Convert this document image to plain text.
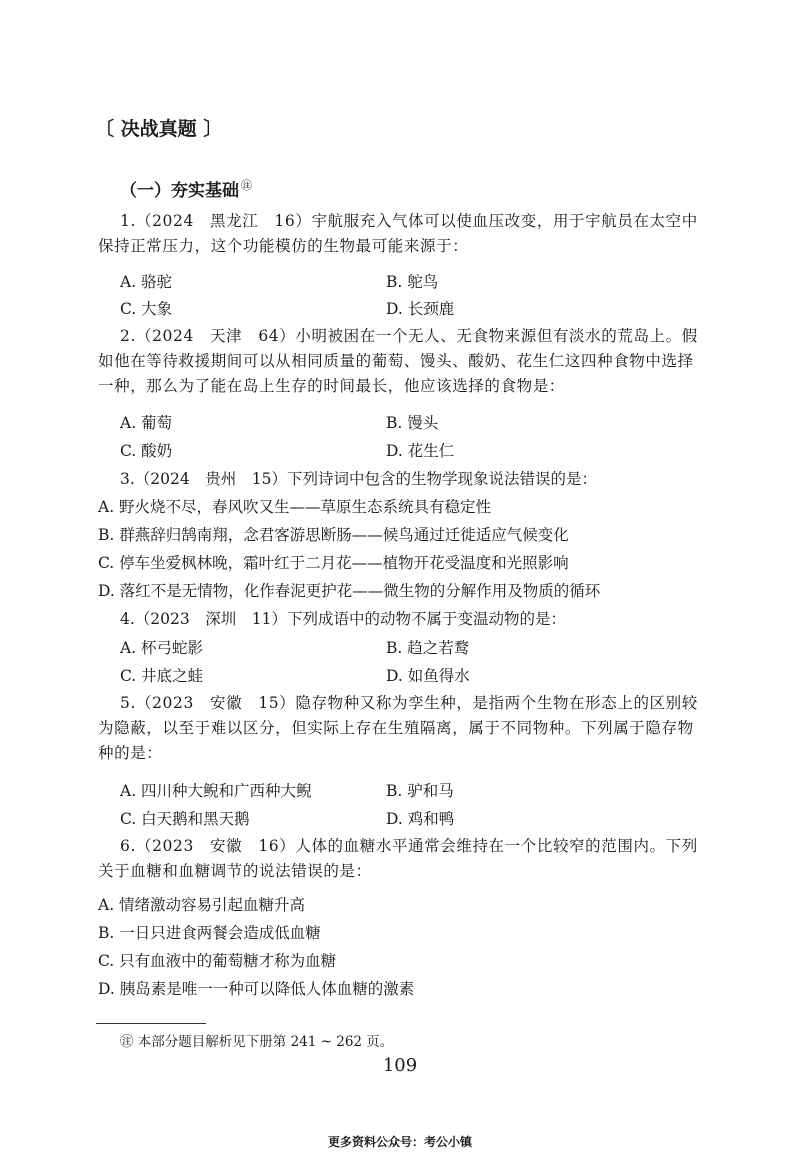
〔 决战真题 〕
（一）夯实基础 ㊟
1.（2024　黑龙江　16）宇航服充入气体可以使血压改变，用于宇航员在太空中保持正常压力，这个功能模仿的生物最可能来源于：
A. 骆驼	B. 鸵鸟
C. 大象	D. 长颈鹿
2.（2024　天津　64）小明被困在一个无人、无食物来源但有淡水的荒岛上。假如他在等待救援期间可以从相同质量的葡萄、馒头、酸奶、花生仁这四种食物中选择一种，那么为了能在岛上生存的时间最长，他应该选择的食物是：
A. 葡萄	B. 馒头
C. 酸奶	D. 花生仁
3.（2024　贵州　15）下列诗词中包含的生物学现象说法错误的是：
A. 野火烧不尽，春风吹又生——草原生态系统具有稳定性
B. 群燕辞归鹄南翔，念君客游思断肠——候鸟通过迁徙适应气候变化
C. 停车坐爱枫林晚，霜叶红于二月花——植物开花受温度和光照影响
D. 落红不是无情物，化作春泥更护花——微生物的分解作用及物质的循环
4.（2023　深圳　11）下列成语中的动物不属于变温动物的是：
A. 杯弓蛇影	B. 趋之若鹜
C. 井底之蛙	D. 如鱼得水
5.（2023　安徽　15）隐存物种又称为孪生种，是指两个生物在形态上的区别较为隐蔽，以至于难以区分，但实际上存在生殖隔离，属于不同物种。下列属于隐存物种的是：
A. 四川种大鲵和广西种大鲵	B. 驴和马
C. 白天鹅和黑天鹅	D. 鸡和鸭
6.（2023　安徽　16）人体的血糖水平通常会维持在一个比较窄的范围内。下列关于血糖和血糖调节的说法错误的是：
A. 情绪激动容易引起血糖升高
B. 一日只进食两餐会造成低血糖
C. 只有血液中的葡萄糖才称为血糖
D. 胰岛素是唯一一种可以降低人体血糖的激素
㊟ 本部分题目解析见下册第 241 ~ 262 页。
109
更多资料公众号：考公小镇
